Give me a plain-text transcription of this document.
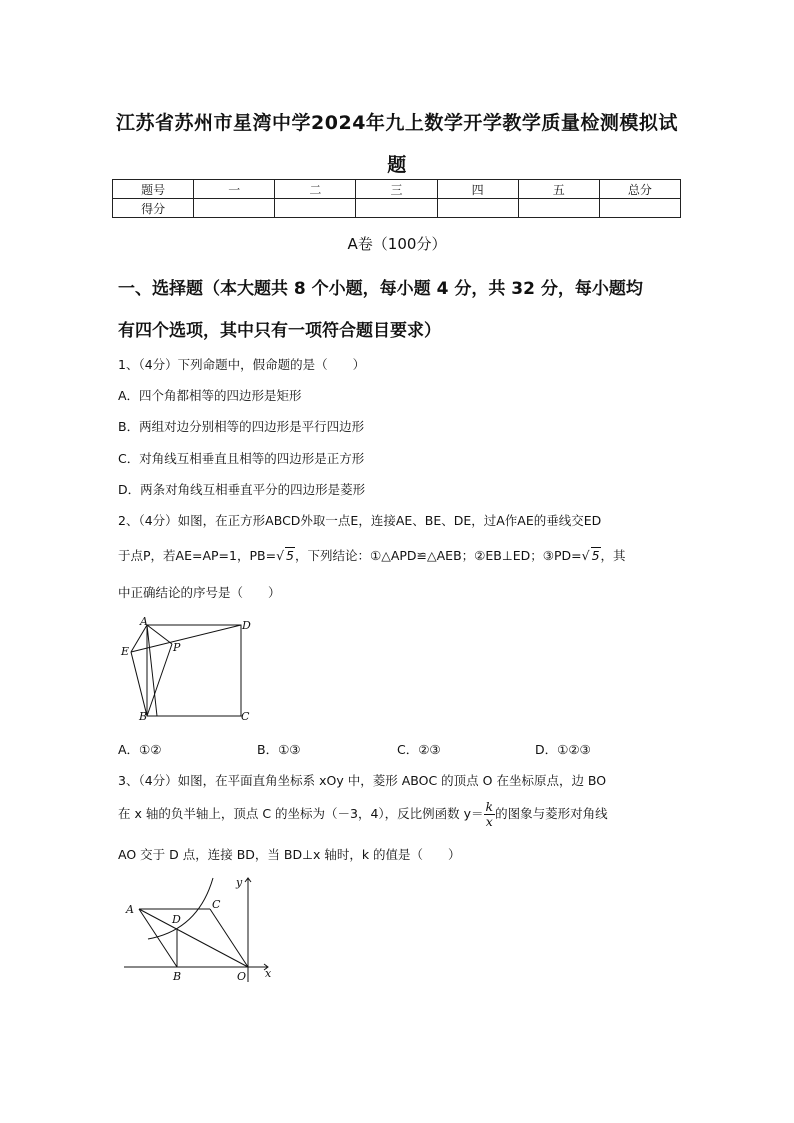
江苏省苏州市星湾中学2024年九上数学开学教学质量检测模拟试
题
题号	一	二	三	四	五	总分
得分						
A卷（100分）
一、选择题（本大题共 8 个小题，每小题 4 分，共 32 分，每小题均
有四个选项，其中只有一项符合题目要求）
1、（4分）下列命题中，假命题的是（　　）
A．四个角都相等的四边形是矩形
B．两组对边分别相等的四边形是平行四边形
C．对角线互相垂直且相等的四边形是正方形
D．两条对角线互相垂直平分的四边形是菱形
2、（4分）如图，在正方形ABCD外取一点E，连接AE、BE、DE，过A作AE的垂线交ED
于点P，若AE=AP=1，PB=√ 5，下列结论：①△APD≌△AEB；②EB⊥ED；③PD=√ 5，其
中正确结论的序号是（　　）
A	D
E	P
B	C
A．①②	B．①③	C．②③	D．①②③
3、（4分）如图，在平面直角坐标系 xOy 中，菱形 ABOC 的顶点 O 在坐标原点，边 BO
在 x 轴的负半轴上，顶点 C 的坐标为（－3，4），反比例函数 $y= \frac{k}{x}$ 的图象与菱形对角线
AO 交于 D 点，连接 BD，当 BD⊥x 轴时，k 的值是（　　）
A
D
C
B	O x
y
